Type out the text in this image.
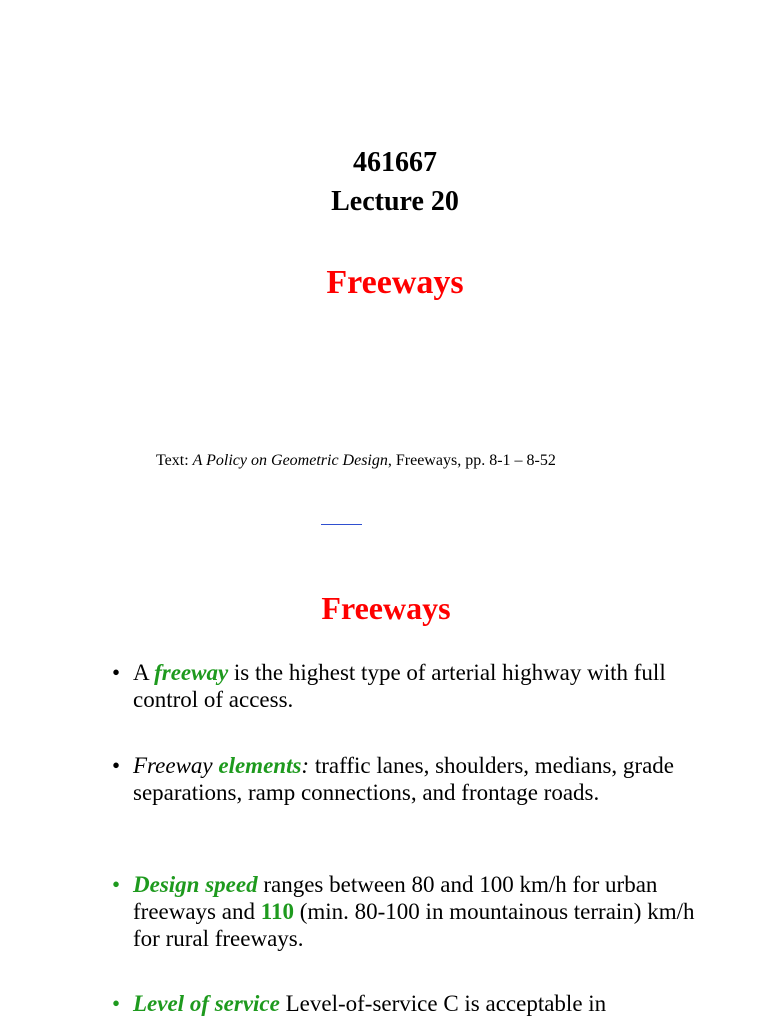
461667
Lecture 20
Freeways
Text: A Policy on Geometric Design, Freeways, pp. 8-1 – 8-52
Freeways
• A freeway is the highest type of arterial highway with full control of access.
• Freeway elements: traffic lanes, shoulders, medians, grade separations, ramp connections, and frontage roads.
• Design speed ranges between 80 and 100 km/h for urban freeways and 110 (min. 80-100 in mountainous terrain) km/h for rural freeways.
• Level of service Level-of-service C is acceptable in
